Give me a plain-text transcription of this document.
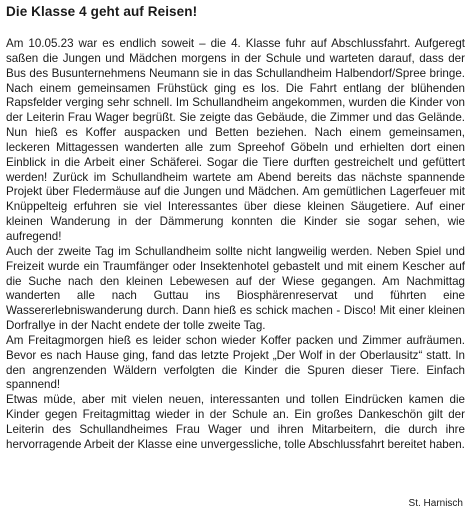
Die Klasse 4 geht auf Reisen!

Am 10.05.23 war es endlich soweit – die 4. Klasse fuhr auf Abschlussfahrt. Aufgeregt saßen die Jungen und Mädchen morgens in der Schule und warteten darauf, dass der Bus des Busunternehmens Neumann sie in das Schullandheim Halbendorf/Spree bringe. Nach einem gemeinsamen Frühstück ging es los. Die Fahrt entlang der blühenden Rapsfelder verging sehr schnell. Im Schullandheim angekommen, wurden die Kinder von der Leiterin Frau Wager begrüßt. Sie zeigte das Gebäude, die Zimmer und das Gelände. Nun hieß es Koffer auspacken und Betten beziehen. Nach einem gemeinsamen, leckeren Mittagessen wanderten alle zum Spreehof Göbeln und erhielten dort einen Einblick in die Arbeit einer Schäferei. Sogar die Tiere durften gestreichelt und gefüttert werden! Zurück im Schullandheim wartete am Abend bereits das nächste spannende Projekt über Fledermäuse auf die Jungen und Mädchen. Am gemütlichen Lagerfeuer mit Knüppelteig erfuhren sie viel Interessantes über diese kleinen Säugetiere. Auf einer kleinen Wanderung in der Dämmerung konnten die Kinder sie sogar sehen, wie aufregend!

Auch der zweite Tag im Schullandheim sollte nicht langweilig werden. Neben Spiel und Freizeit wurde ein Traumfänger oder Insektenhotel gebastelt und mit einem Kescher auf die Suche nach den kleinen Lebewesen auf der Wiese gegangen. Am Nachmittag wanderten alle nach Guttau ins Biosphärenreservat und führten eine Wassererlebniswanderung durch. Dann hieß es schick machen - Disco! Mit einer kleinen Dorfrallye in der Nacht endete der tolle zweite Tag.

Am Freitagmorgen hieß es leider schon wieder Koffer packen und Zimmer aufräumen. Bevor es nach Hause ging, fand das letzte Projekt „Der Wolf in der Oberlausitz“ statt. In den angrenzenden Wäldern verfolgten die Kinder die Spuren dieser Tiere. Einfach spannend!

Etwas müde, aber mit vielen neuen, interessanten und tollen Eindrücken kamen die Kinder gegen Freitagmittag wieder in der Schule an. Ein großes Dankeschön gilt der Leiterin des Schullandheimes Frau Wager und ihren Mitarbeitern, die durch ihre hervorragende Arbeit der Klasse eine unvergessliche, tolle Abschlussfahrt bereitet haben.

St. Harnisch
